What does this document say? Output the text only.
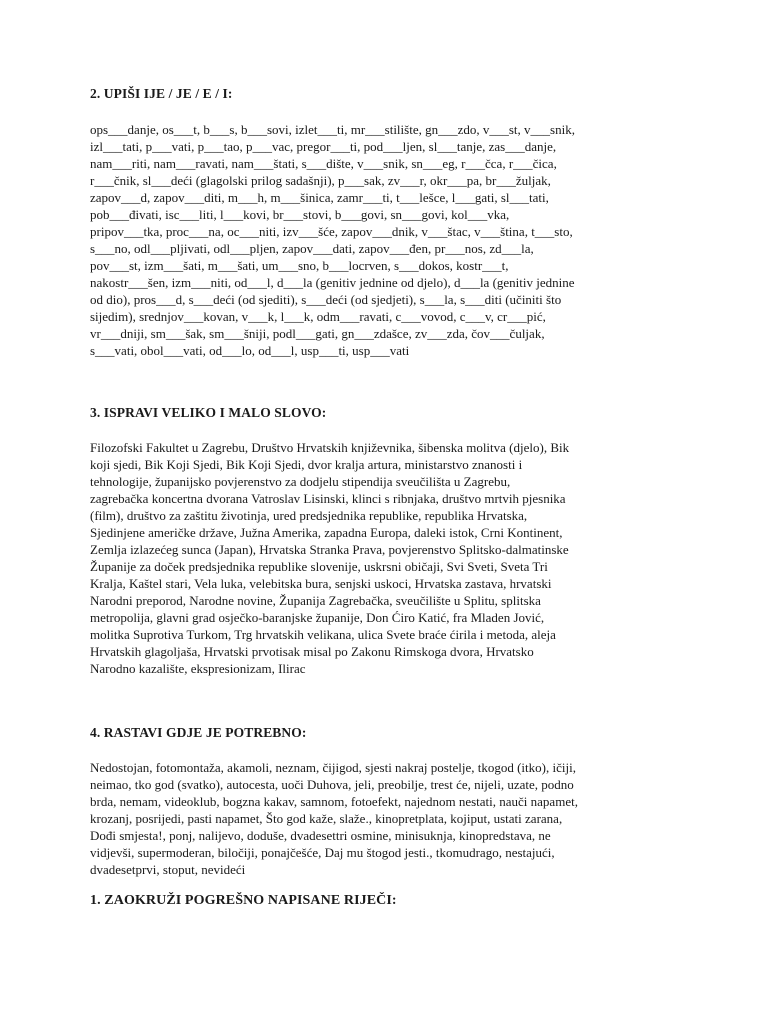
2. UPIŠI IJE / JE / E / I:
ops___danje, os___t, b___s, b___sovi, izlet___ti, mr___stilište, gn___zdo, v___st, v___snik,
izl___tati, p___vati, p___tao, p___vac, pregor___ti, pod___ljen, sl___tanje, zas___danje,
nam___riti, nam___ravati, nam___štati, s___dište, v___snik, sn___eg, r___čca, r___čica,
r___čnik, sl___deći (glagolski prilog sadašnji), p___sak, zv___r, okr___pa, br___žuljak,
zapov___d, zapov___diti, m___h, m___šinica, zamr___ti, t___lešce, l___gati, sl___tati,
pob___đivati, isc___liti, l___kovi, br___stovi, b___govi, sn___govi, kol___vka,
pripov___tka, proc___na, oc___niti, izv___šće, zapov___dnik, v___štac, v___ština, t___sto,
s___no, odl___pljivati, odl___pljen, zapov___dati, zapov___đen, pr___nos, zd___la,
pov___st, izm___šati, m___šati, um___sno, b___locrven, s___dokos, kostr___t,
nakostr___šen, izm___niti, od___l, d___la (genitiv jednine od djelo), d___la (genitiv jednine
od dio), pros___d, s___deći (od sjediti), s___deći (od sjedjeti), s___la, s___diti (učiniti što
sijedim), srednjov___kovan, v___k, l___k, odm___ravati, c___vovod, c___v, cr___pić,
vr___dniji, sm___šak, sm___šniji, podl___gati, gn___zdašce, zv___zda, čov___čuljak,
s___vati, obol___vati, od___lo, od___l, usp___ti, usp___vati
3. ISPRAVI VELIKO I MALO SLOVO:
Filozofski Fakultet u Zagrebu, Društvo Hrvatskih književnika, šibenska molitva (djelo), Bik
koji sjedi, Bik Koji Sjedi, Bik Koji Sjedi, dvor kralja artura, ministarstvo znanosti i
tehnologije, županijsko povjerenstvo za dodjelu stipendija sveučilišta u Zagrebu,
zagrebačka koncertna dvorana Vatroslav Lisinski, klinci s ribnjaka, društvo mrtvih pjesnika
(film), društvo za zaštitu životinja, ured predsjednika republike, republika Hrvatska,
Sjedinjene američke države, Južna Amerika, zapadna Europa, daleki istok, Crni Kontinent,
Zemlja izlazećeg sunca (Japan), Hrvatska Stranka Prava, povjerenstvo Splitsko-dalmatinske
Županije za doček predsjednika republike slovenije, uskrsni običaji, Svi Sveti, Sveta Tri
Kralja, Kaštel stari, Vela luka, velebitska bura, senjski uskoci, Hrvatska zastava, hrvatski
Narodni preporod, Narodne novine, Županija Zagrebačka, sveučilište u Splitu, splitska
metropolija, glavni grad osječko-baranjske županije, Don Ćiro Katić, fra Mladen Jović,
molitka Suprotiva Turkom, Trg hrvatskih velikana, ulica Svete braće ćirila i metoda, aleja
Hrvatskih glagoljaša, Hrvatski prvotisak misal po Zakonu Rimskoga dvora, Hrvatsko
Narodno kazalište, ekspresionizam, Ilirac
4. RASTAVI GDJE JE POTREBNO:
Nedostojan, fotomontaža, akamoli, neznam, čijigod, sjesti nakraj postelje, tkogod (itko), ičiji,
neimao, tko god (svatko), autocesta, uoči Duhova, jeli, preobilje, trest će, nijeli, uzate, podno
brda, nemam, videoklub, bogzna kakav, samnom, fotoefekt, najednom nestati, nauči napamet,
krozanj, posrijedi, pasti napamet, Što god kaže, slaže., kinopretplata, kojiput, ustati zarana,
Dođi smjesta!, ponj, nalijevo, doduše, dvadesettri osmine, minisuknja, kinopredstava, ne
vidjevši, supermoderan, biločiji, ponajčešće, Daj mu štogod jesti., tkomudrago, nestajući,
dvadesetprvi, stoput, nevideći
1. ZAOKRUŽI POGREŠNO NAPISANE RIJEČI:
